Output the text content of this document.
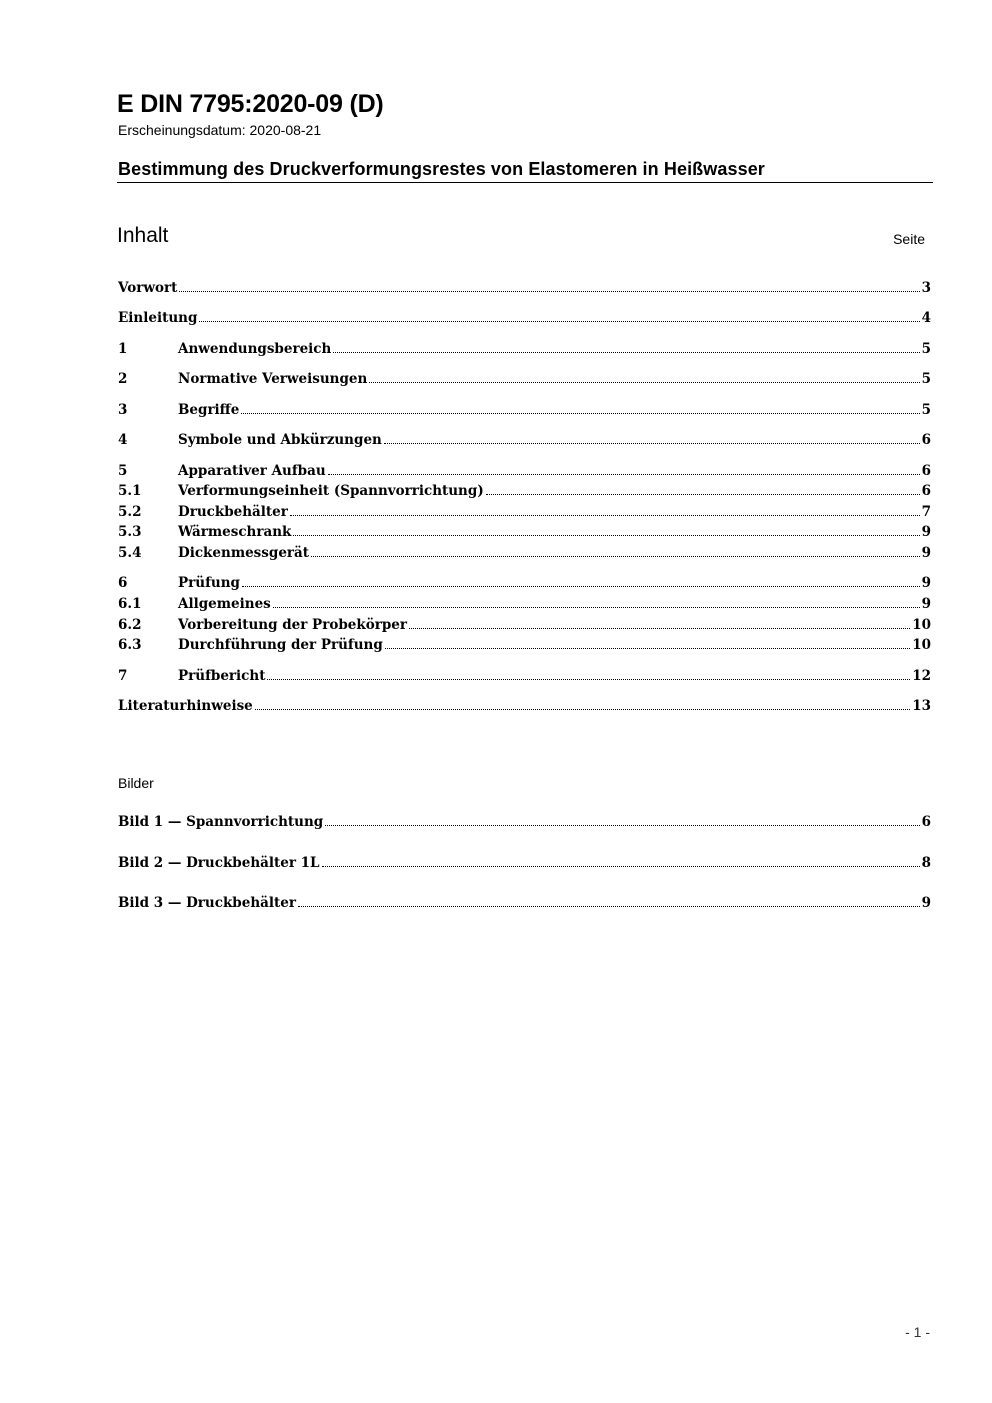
E DIN 7795:2020-09 (D)
Erscheinungsdatum: 2020-08-21
Bestimmung des Druckverformungsrestes von Elastomeren in Heißwasser
Inhalt	Seite
Vorwort	3
Einleitung	4
1	Anwendungsbereich	5
2	Normative Verweisungen	5
3	Begriffe	5
4	Symbole und Abkürzungen	6
5	Apparativer Aufbau	6
5.1	Verformungseinheit (Spannvorrichtung)	6
5.2	Druckbehälter	7
5.3	Wärmeschrank	9
5.4	Dickenmessgerät	9
6	Prüfung	9
6.1	Allgemeines	9
6.2	Vorbereitung der Probekörper	10
6.3	Durchführung der Prüfung	10
7	Prüfbericht	12
Literaturhinweise	13
Bilder
Bild 1 — Spannvorrichtung	6
Bild 2 — Druckbehälter 1L	8
Bild 3 — Druckbehälter	9
- 1 -
